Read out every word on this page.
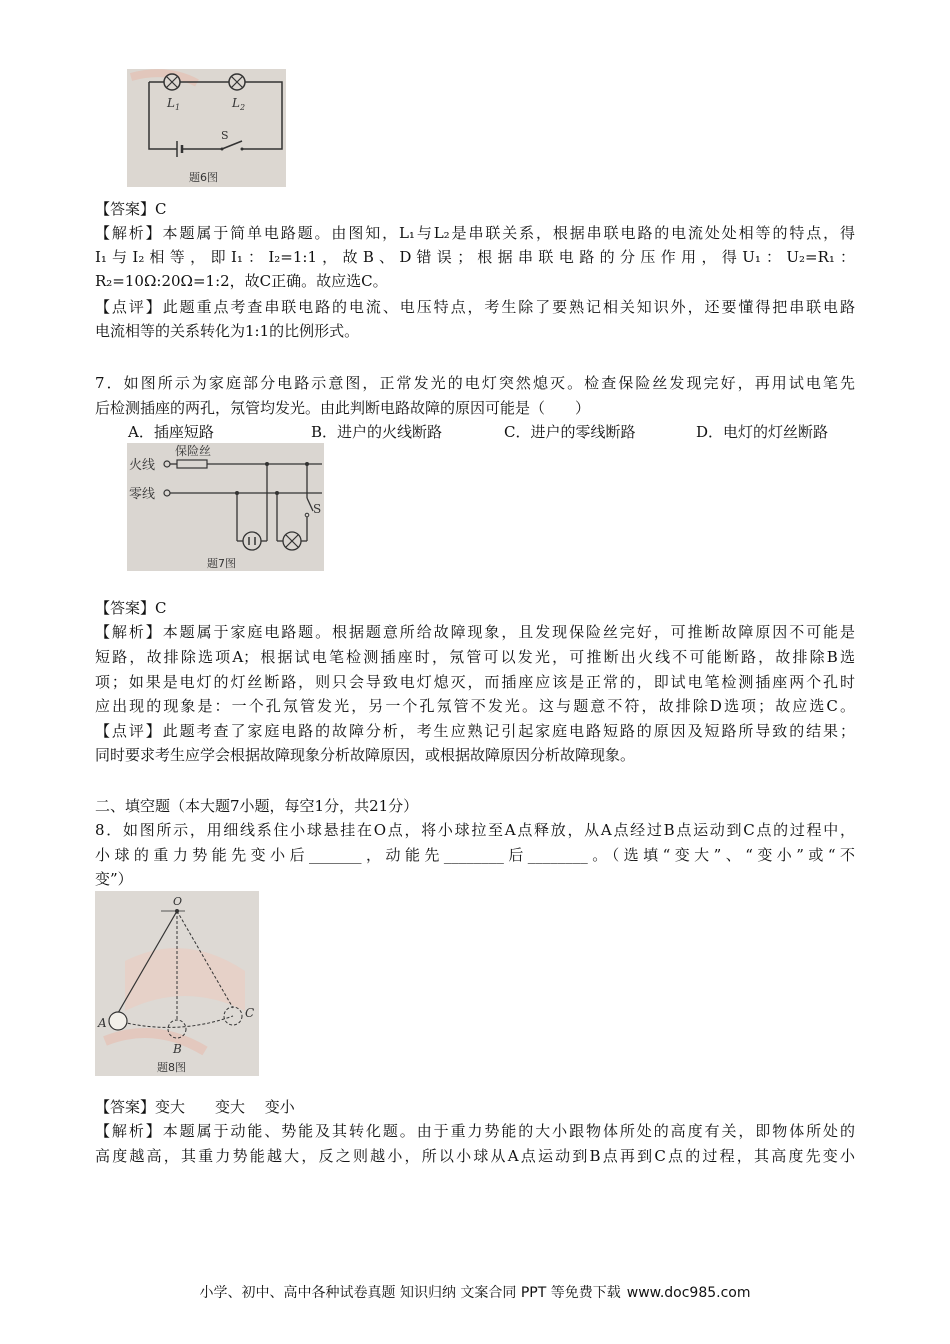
$L_1$	$L_2$
S
题6图
【答案】C
【解析】本题属于简单电路题。由图知，L₁与L₂是串联关系，根据串联电路的电流处处相等的特点，得
I₁ 与 I₂ 相 等 ， 即 I₁ ： I₂=1:1 ， 故 B 、 D 错 误 ； 根 据 串 联 电 路 的 分 压 作 用 ， 得 U₁ ： U₂=R₁ ：
R₂=10Ω:20Ω=1:2，故C正确。故应选C。
【点评】此题重点考查串联电路的电流、电压特点，考生除了要熟记相关知识外，还要懂得把串联电路
电流相等的关系转化为1:1的比例形式。
7．如图所示为家庭部分电路示意图，正常发光的电灯突然熄灭。检查保险丝发现完好，再用试电笔先
后检测插座的两孔，氖管均发光。由此判断电路故障的原因可能是（　　）
A．插座短路	B．进户的火线断路	C．进户的零线断路	D．电灯的灯丝断路
火线
零线
保险丝
S
题7图
【答案】C
【解析】本题属于家庭电路题。根据题意所给故障现象，且发现保险丝完好，可推断故障原因不可能是
短路，故排除选项A；根据试电笔检测插座时，氖管可以发光，可推断出火线不可能断路，故排除B选
项；如果是电灯的灯丝断路，则只会导致电灯熄灭，而插座应该是正常的，即试电笔检测插座两个孔时
应出现的现象是：一个孔氖管发光，另一个孔氖管不发光。这与题意不符，故排除D选项；故应选C。
【点评】此题考查了家庭电路的故障分析，考生应熟记引起家庭电路短路的原因及短路所导致的结果；
同时要求考生应学会根据故障现象分析故障原因，或根据故障原因分析故障现象。
二、填空题（本大题7小题，每空1分，共21分）
8．如图所示，用细线系住小球悬挂在O点，将小球拉至A点释放，从A点经过B点运动到C点的过程中，
小球的重力势能先变小后_______，动能先________后________。（选填“变大”、“变小”或“不
变”）
O
A
B
C
题8图
【答案】变大　　变大　 变小
【解析】本题属于动能、势能及其转化题。由于重力势能的大小跟物体所处的高度有关，即物体所处的
高度越高，其重力势能越大，反之则越小，所以小球从A点运动到B点再到C点的过程，其高度先变小
小学、初中、高中各种试卷真题 知识归纳 文案合同 PPT 等免费下载 www.doc985.com
